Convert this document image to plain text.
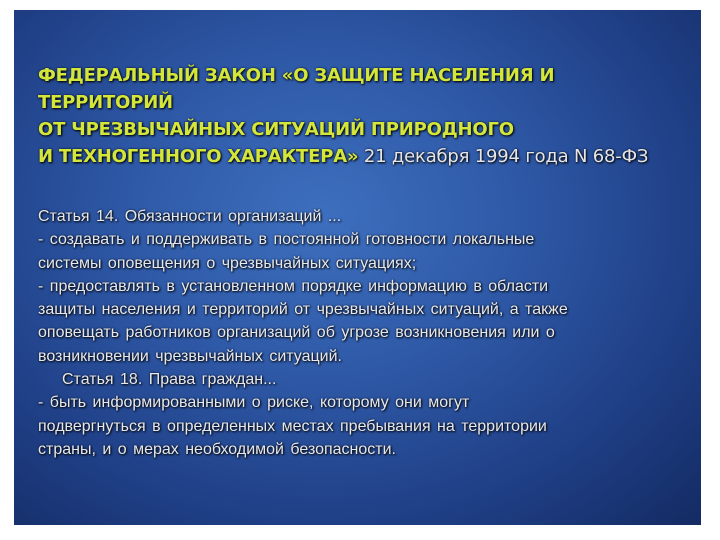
ФЕДЕРАЛЬНЫЙ ЗАКОН «О ЗАЩИТЕ НАСЕЛЕНИЯ И
ТЕРРИТОРИЙ
ОТ ЧРЕЗВЫЧАЙНЫХ СИТУАЦИЙ ПРИРОДНОГО
И ТЕХНОГЕННОГО ХАРАКТЕРА» 21 декабря 1994 года N 68-ФЗ
Статья 14. Обязанности организаций ...
- создавать и поддерживать в постоянной готовности локальные
системы оповещения о чрезвычайных ситуациях;
- предоставлять в установленном порядке информацию в области
защиты населения и территорий от чрезвычайных ситуаций, а также
оповещать работников организаций об угрозе возникновения или о
возникновении чрезвычайных ситуаций.
Статья 18. Права граждан...
- быть информированными о риске, которому они могут
подвергнуться в определенных местах пребывания на территории
страны, и о мерах необходимой безопасности.
